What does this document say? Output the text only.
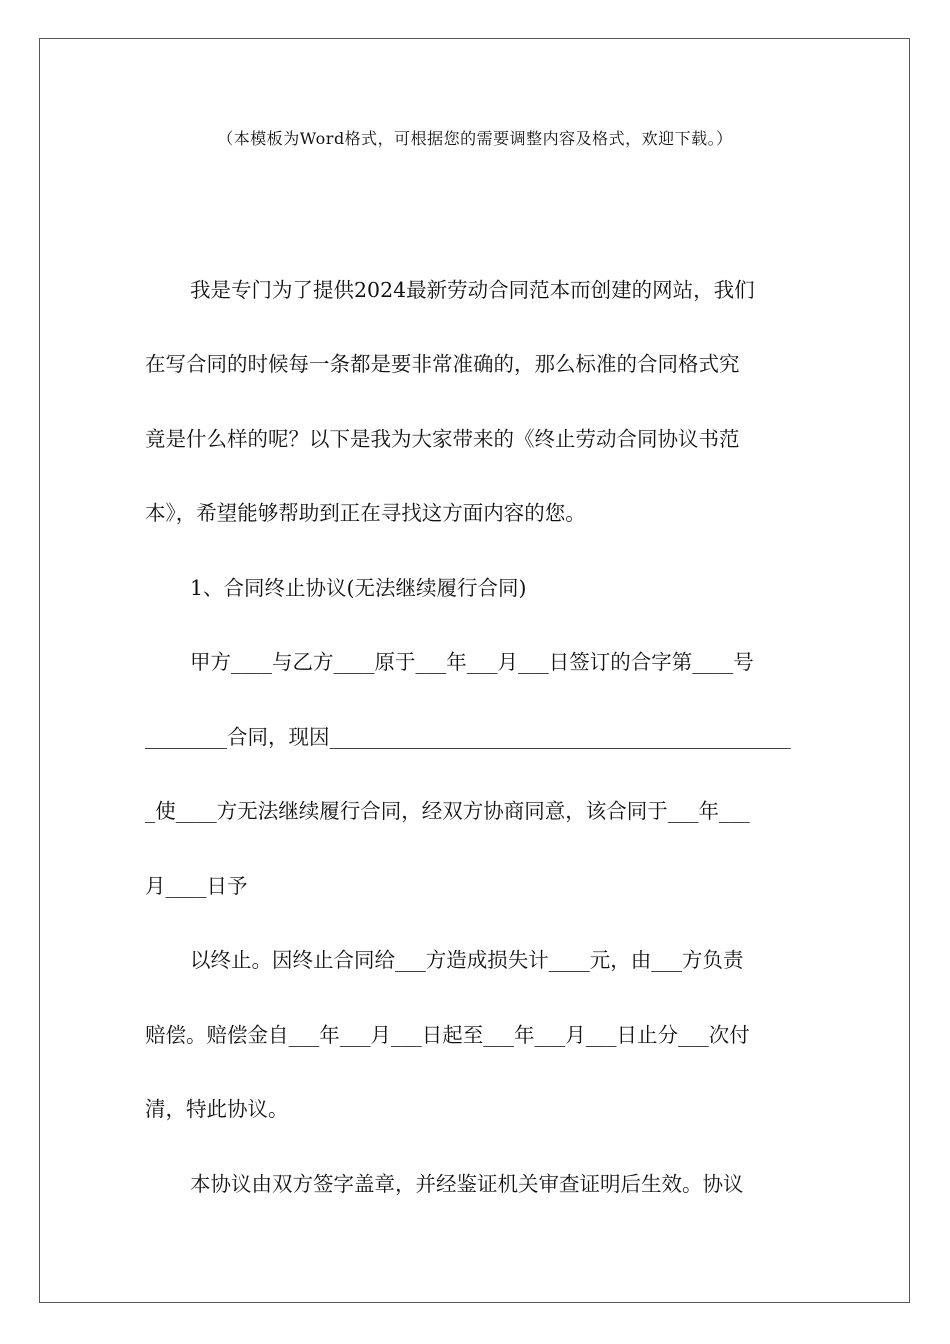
（本模板为Word格式，可根据您的需要调整内容及格式，欢迎下载。）
我是专门为了提供2024最新劳动合同范本而创建的网站，我们
在写合同的时候每一条都是要非常准确的，那么标准的合同格式究
竟是什么样的呢？以下是我为大家带来的《终止劳动合同协议书范
本》，希望能够帮助到正在寻找这方面内容的您。
1、合同终止协议(无法继续履行合同)
甲方____与乙方____原于___年___月___日签订的合字第____号
________合同，现因_____________________________________________
_使____方无法继续履行合同，经双方协商同意，该合同于___年___
月____日予
以终止。因终止合同给___方造成损失计____元，由___方负责
赔偿。赔偿金自___年___月___日起至___年___月___日止分___次付
清，特此协议。
本协议由双方签字盖章，并经鉴证机关审查证明后生效。协议
